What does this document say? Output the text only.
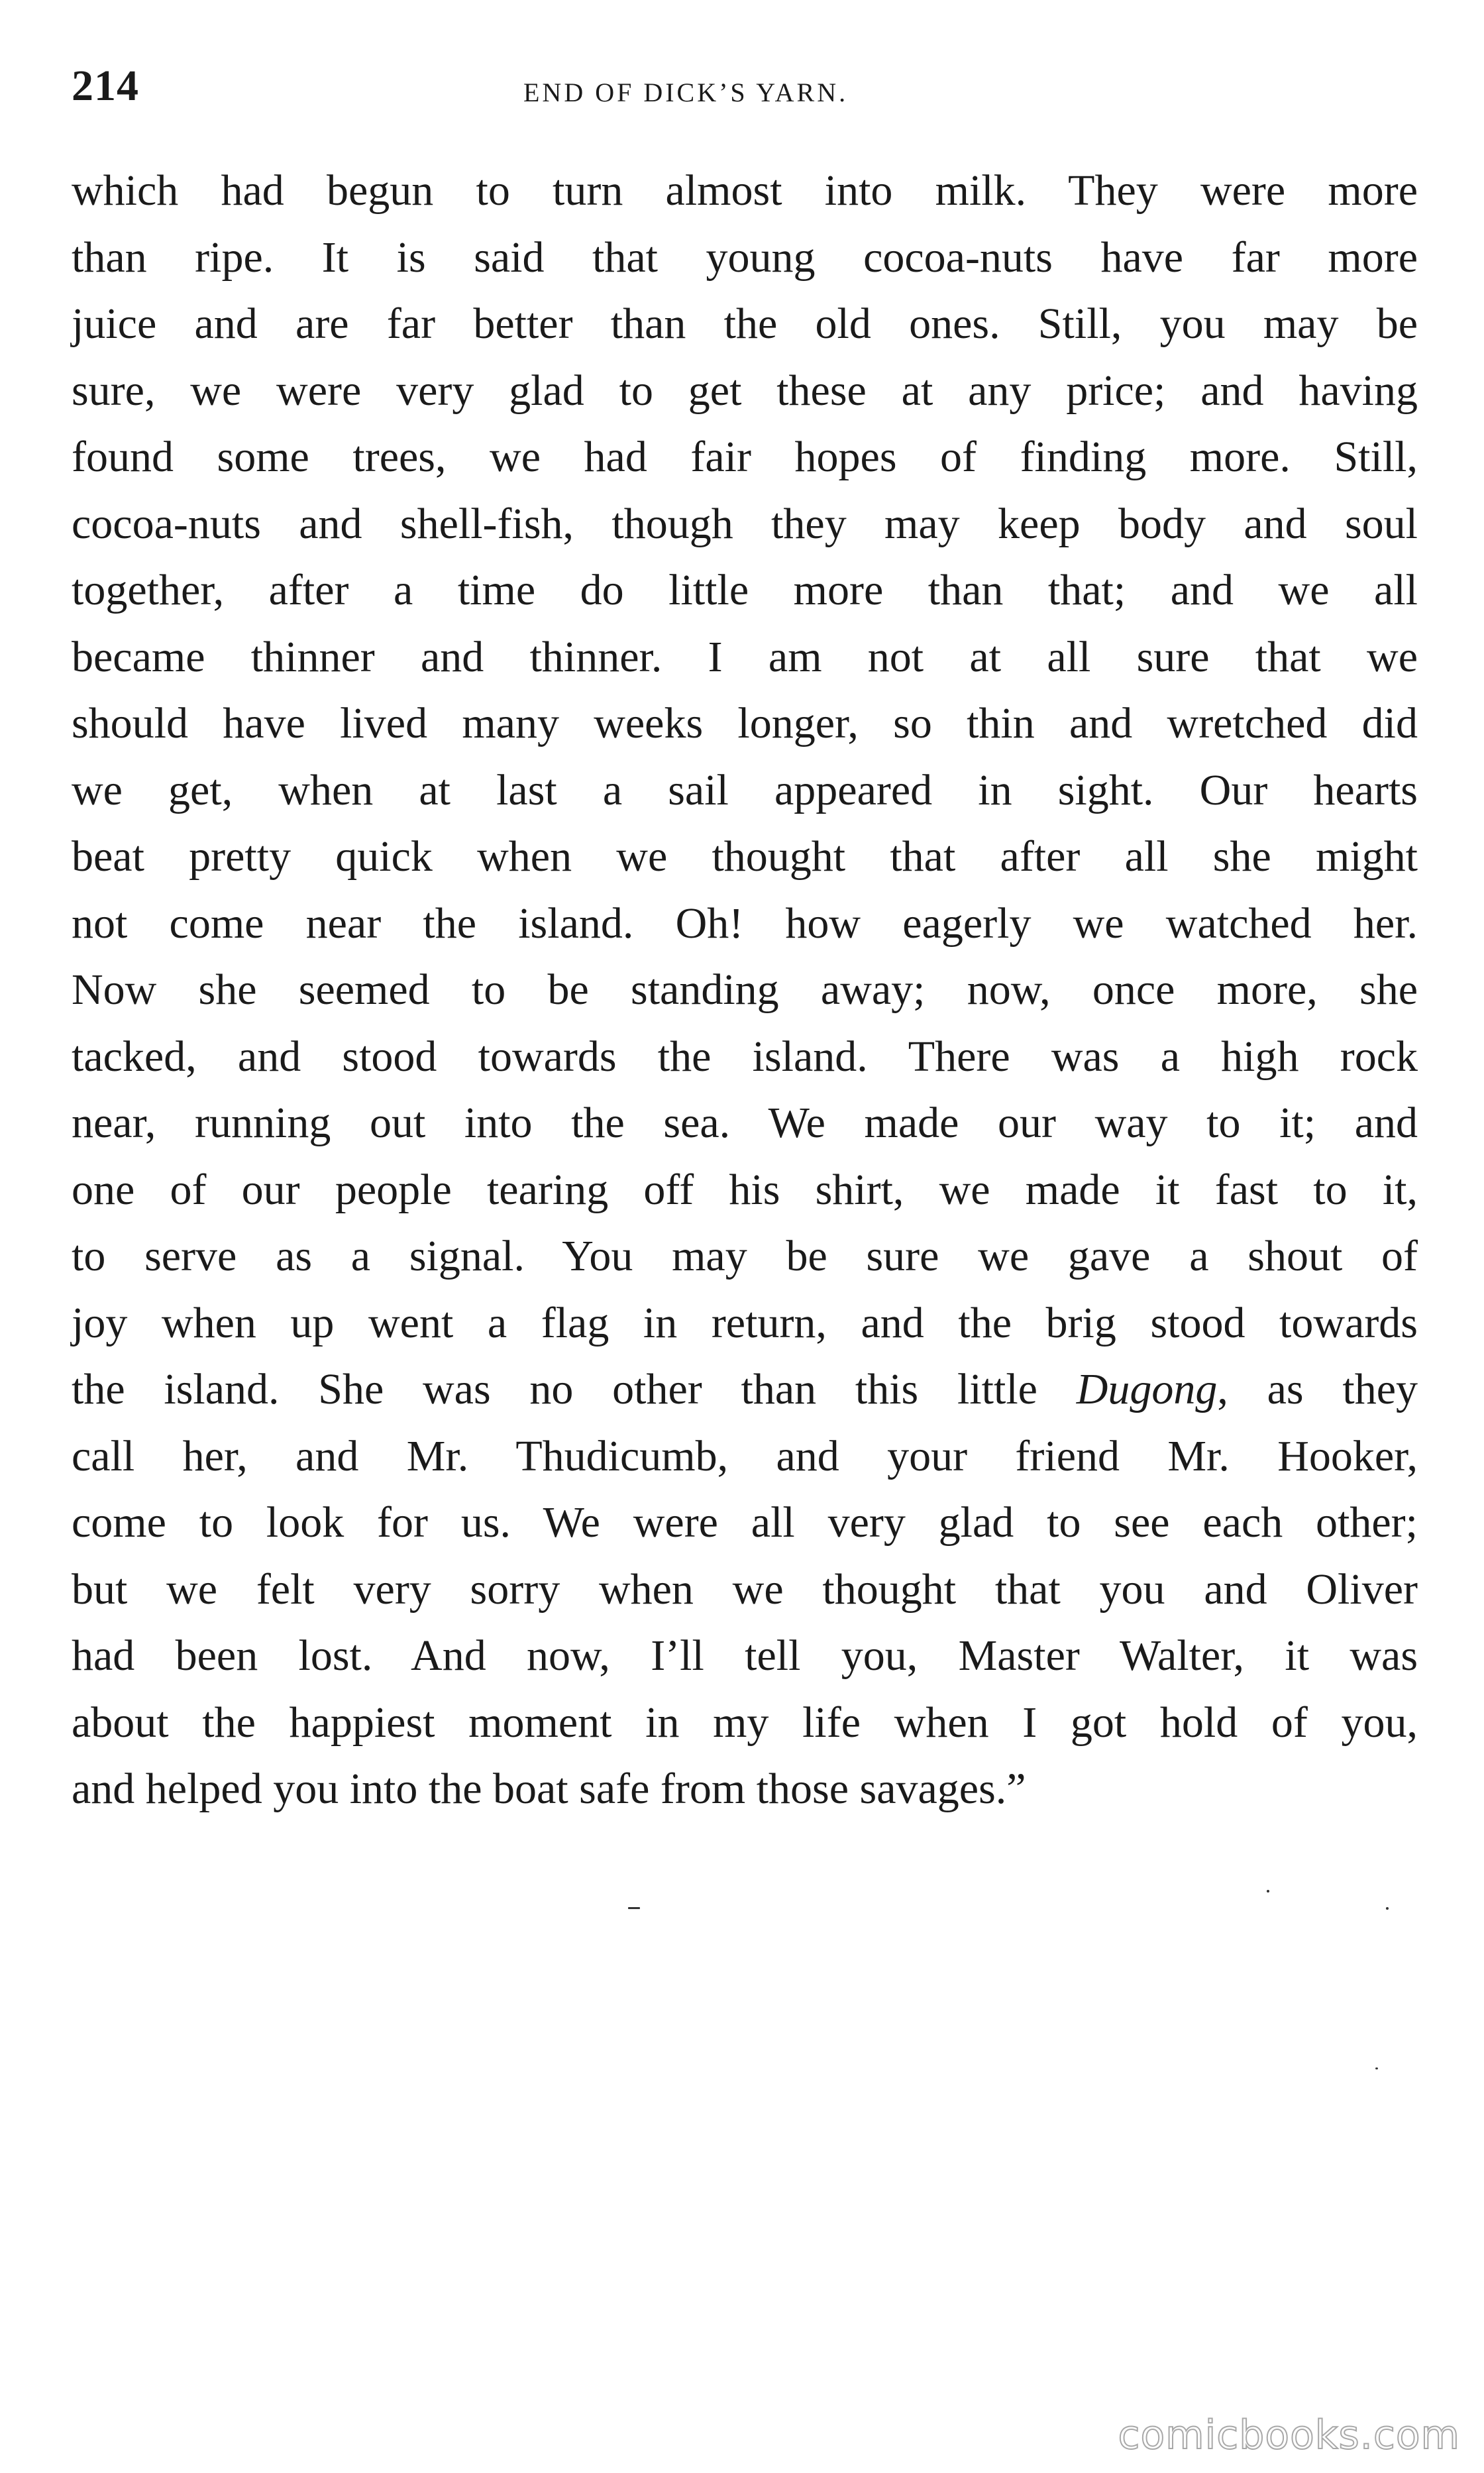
214	END OF DICK’S YARN.
which had begun to turn almost into milk. They were more
than ripe. It is said that young cocoa-nuts have far more
juice and are far better than the old ones. Still, you may be
sure, we were very glad to get these at any price; and having
found some trees, we had fair hopes of finding more. Still,
cocoa-nuts and shell-fish, though they may keep body and soul
together, after a time do little more than that; and we all
became thinner and thinner. I am not at all sure that we
should have lived many weeks longer, so thin and wretched did
we get, when at last a sail appeared in sight. Our hearts
beat pretty quick when we thought that after all she might
not come near the island. Oh! how eagerly we watched her.
Now she seemed to be standing away; now, once more, she
tacked, and stood towards the island. There was a high rock
near, running out into the sea. We made our way to it; and
one of our people tearing off his shirt, we made it fast to it,
to serve as a signal. You may be sure we gave a shout of
joy when up went a flag in return, and the brig stood towards
the island. She was no other than this little Dugong, as they
call her, and Mr. Thudicumb, and your friend Mr. Hooker,
come to look for us. We were all very glad to see each other;
but we felt very sorry when we thought that you and Oliver
had been lost. And now, I’ll tell you, Master Walter, it was
about the happiest moment in my life when I got hold of you,
and helped you into the boat safe from those savages.”
comicbooks.com
